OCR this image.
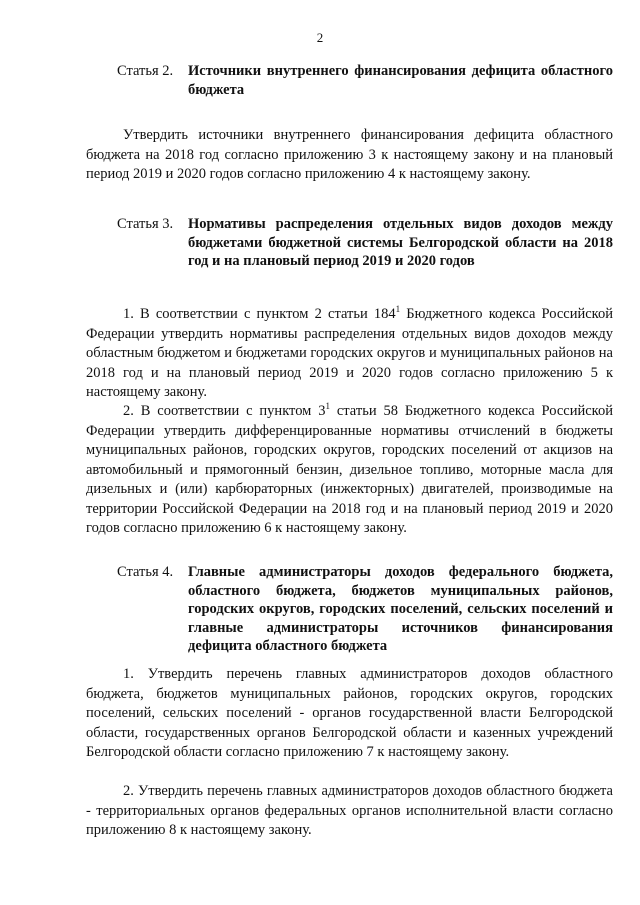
2
Статья 2.	Источники внутреннего финансирования дефицита областного бюджета

Утвердить источники внутреннего финансирования дефицита областного бюджета на 2018 год согласно приложению 3 к настоящему закону и на плановый период 2019 и 2020 годов согласно приложению 4 к настоящему закону.

Статья 3.	Нормативы распределения отдельных видов доходов между бюджетами бюджетной системы Белгородской области на 2018 год и на плановый период 2019 и 2020 годов

1. В соответствии с пунктом 2 статьи $184^1$ Бюджетного кодекса Российской Федерации утвердить нормативы распределения отдельных видов доходов между областным бюджетом и бюджетами городских округов и муниципальных районов на 2018 год и на плановый период 2019 и 2020 годов согласно приложению 5 к настоящему закону.

2. В соответствии с пунктом $3^1$ статьи 58 Бюджетного кодекса Российской Федерации утвердить дифференцированные нормативы отчислений в бюджеты муниципальных районов, городских округов, городских поселений от акцизов на автомобильный и прямогонный бензин, дизельное топливо, моторные масла для дизельных и (или) карбюраторных (инжекторных) двигателей, производимые на территории Российской Федерации на 2018 год и на плановый период 2019 и 2020 годов согласно приложению 6 к настоящему закону.

Статья 4.	Главные администраторы доходов федерального бюджета, областного бюджета, бюджетов муниципальных районов, городских округов, городских поселений, сельских поселений и главные администраторы источников финансирования дефицита областного бюджета

1. Утвердить перечень главных администраторов доходов областного бюджета, бюджетов муниципальных районов, городских округов, городских поселений, сельских поселений - органов государственной власти Белгородской области, государственных органов Белгородской области и казенных учреждений Белгородской области согласно приложению 7 к настоящему закону.

2. Утвердить перечень главных администраторов доходов областного бюджета - территориальных органов федеральных органов исполнительной власти согласно приложению 8 к настоящему закону.
